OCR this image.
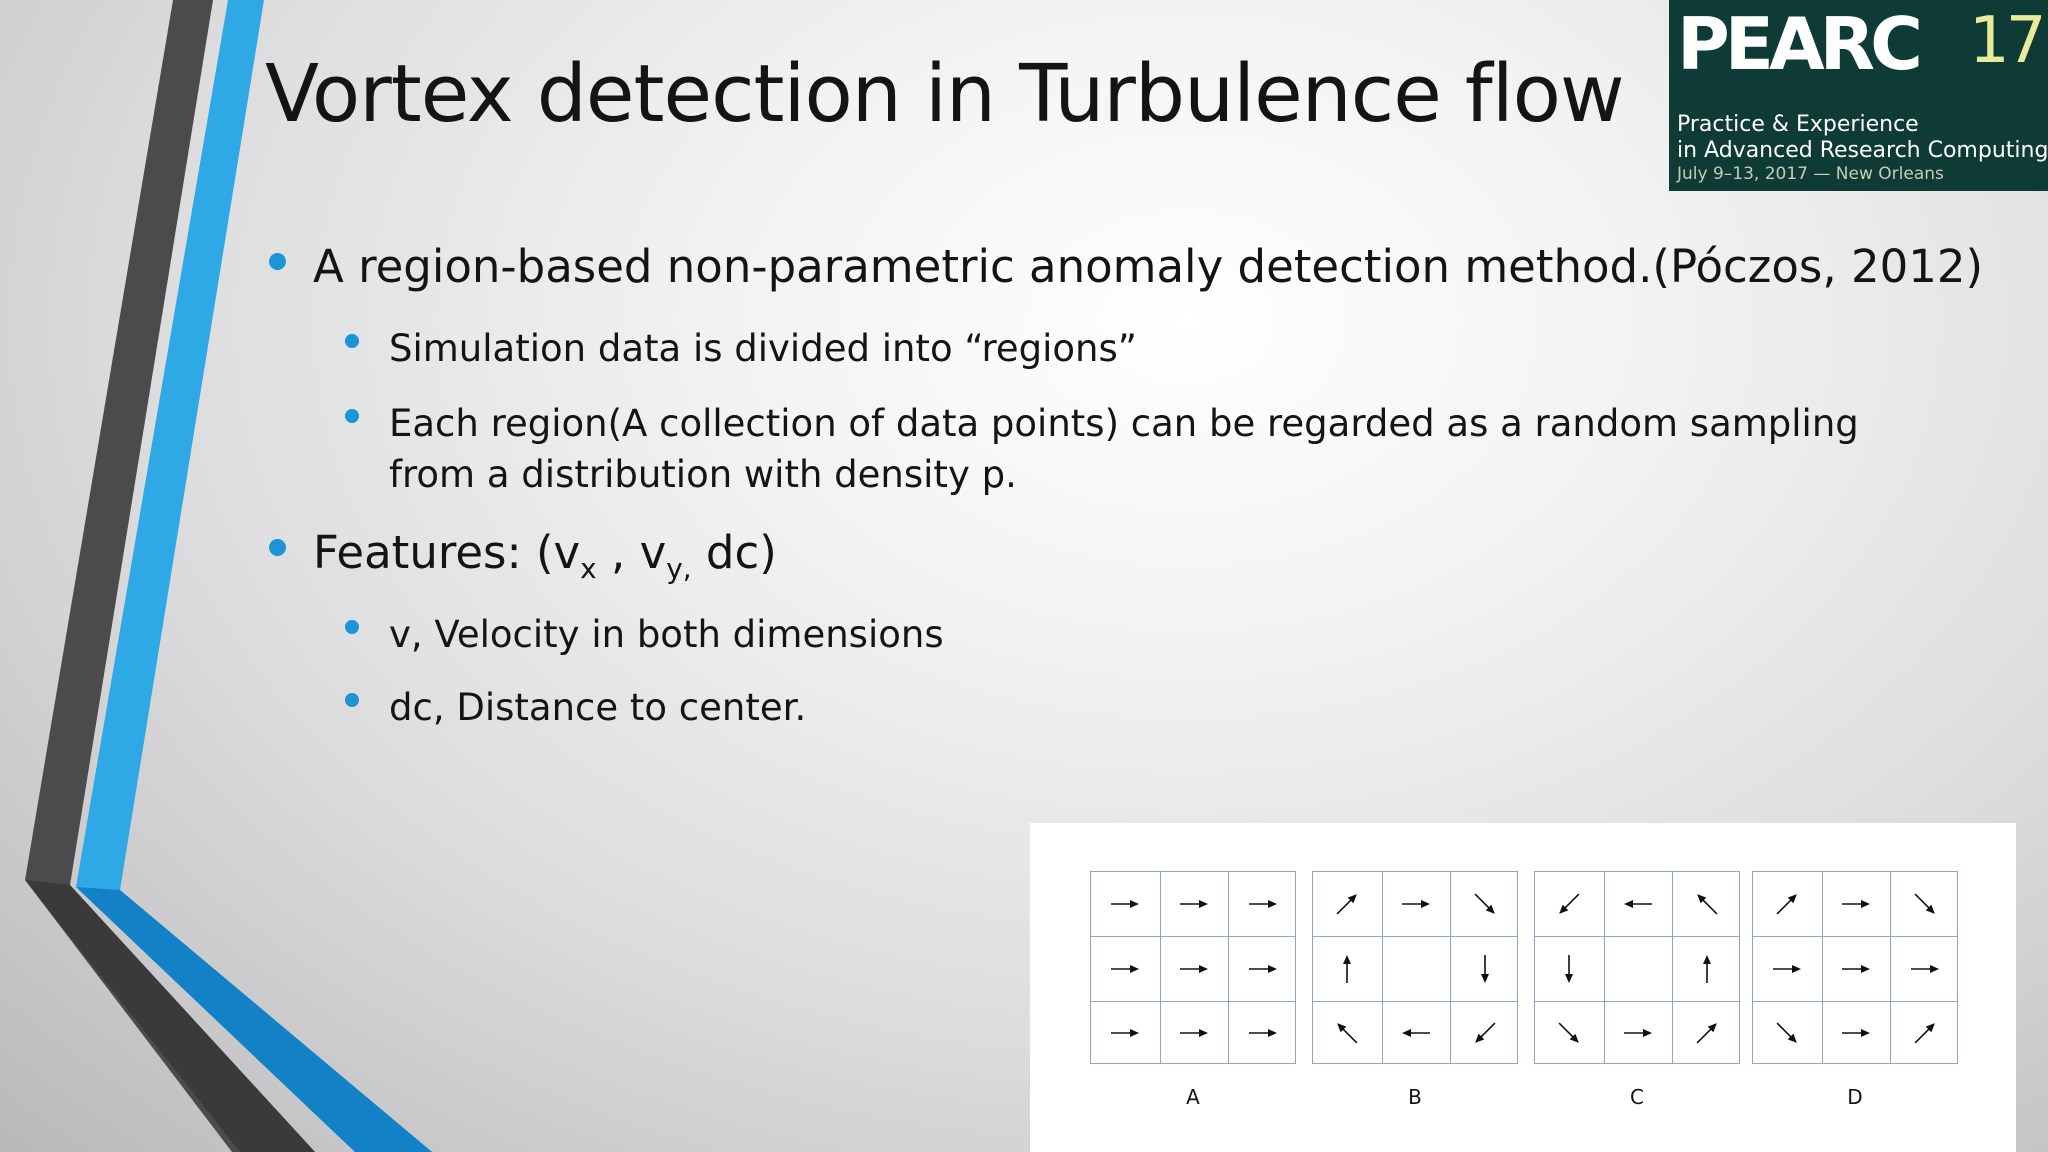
Vortex detection in Turbulence flow
PEARC 17
Practice & Experience
in Advanced Research Computing
July 9–13, 2017 — New Orleans

A region-based non-parametric anomaly detection method.(Póczos, 2012)

Simulation data is divided into “regions”

Each region(A collection of data points) can be regarded as a random sampling from a distribution with density p.

Features: ($v_x$ , $v_{y,}$ dc)

v, Velocity in both dimensions

dc, Distance to center.

A	B	C	D
